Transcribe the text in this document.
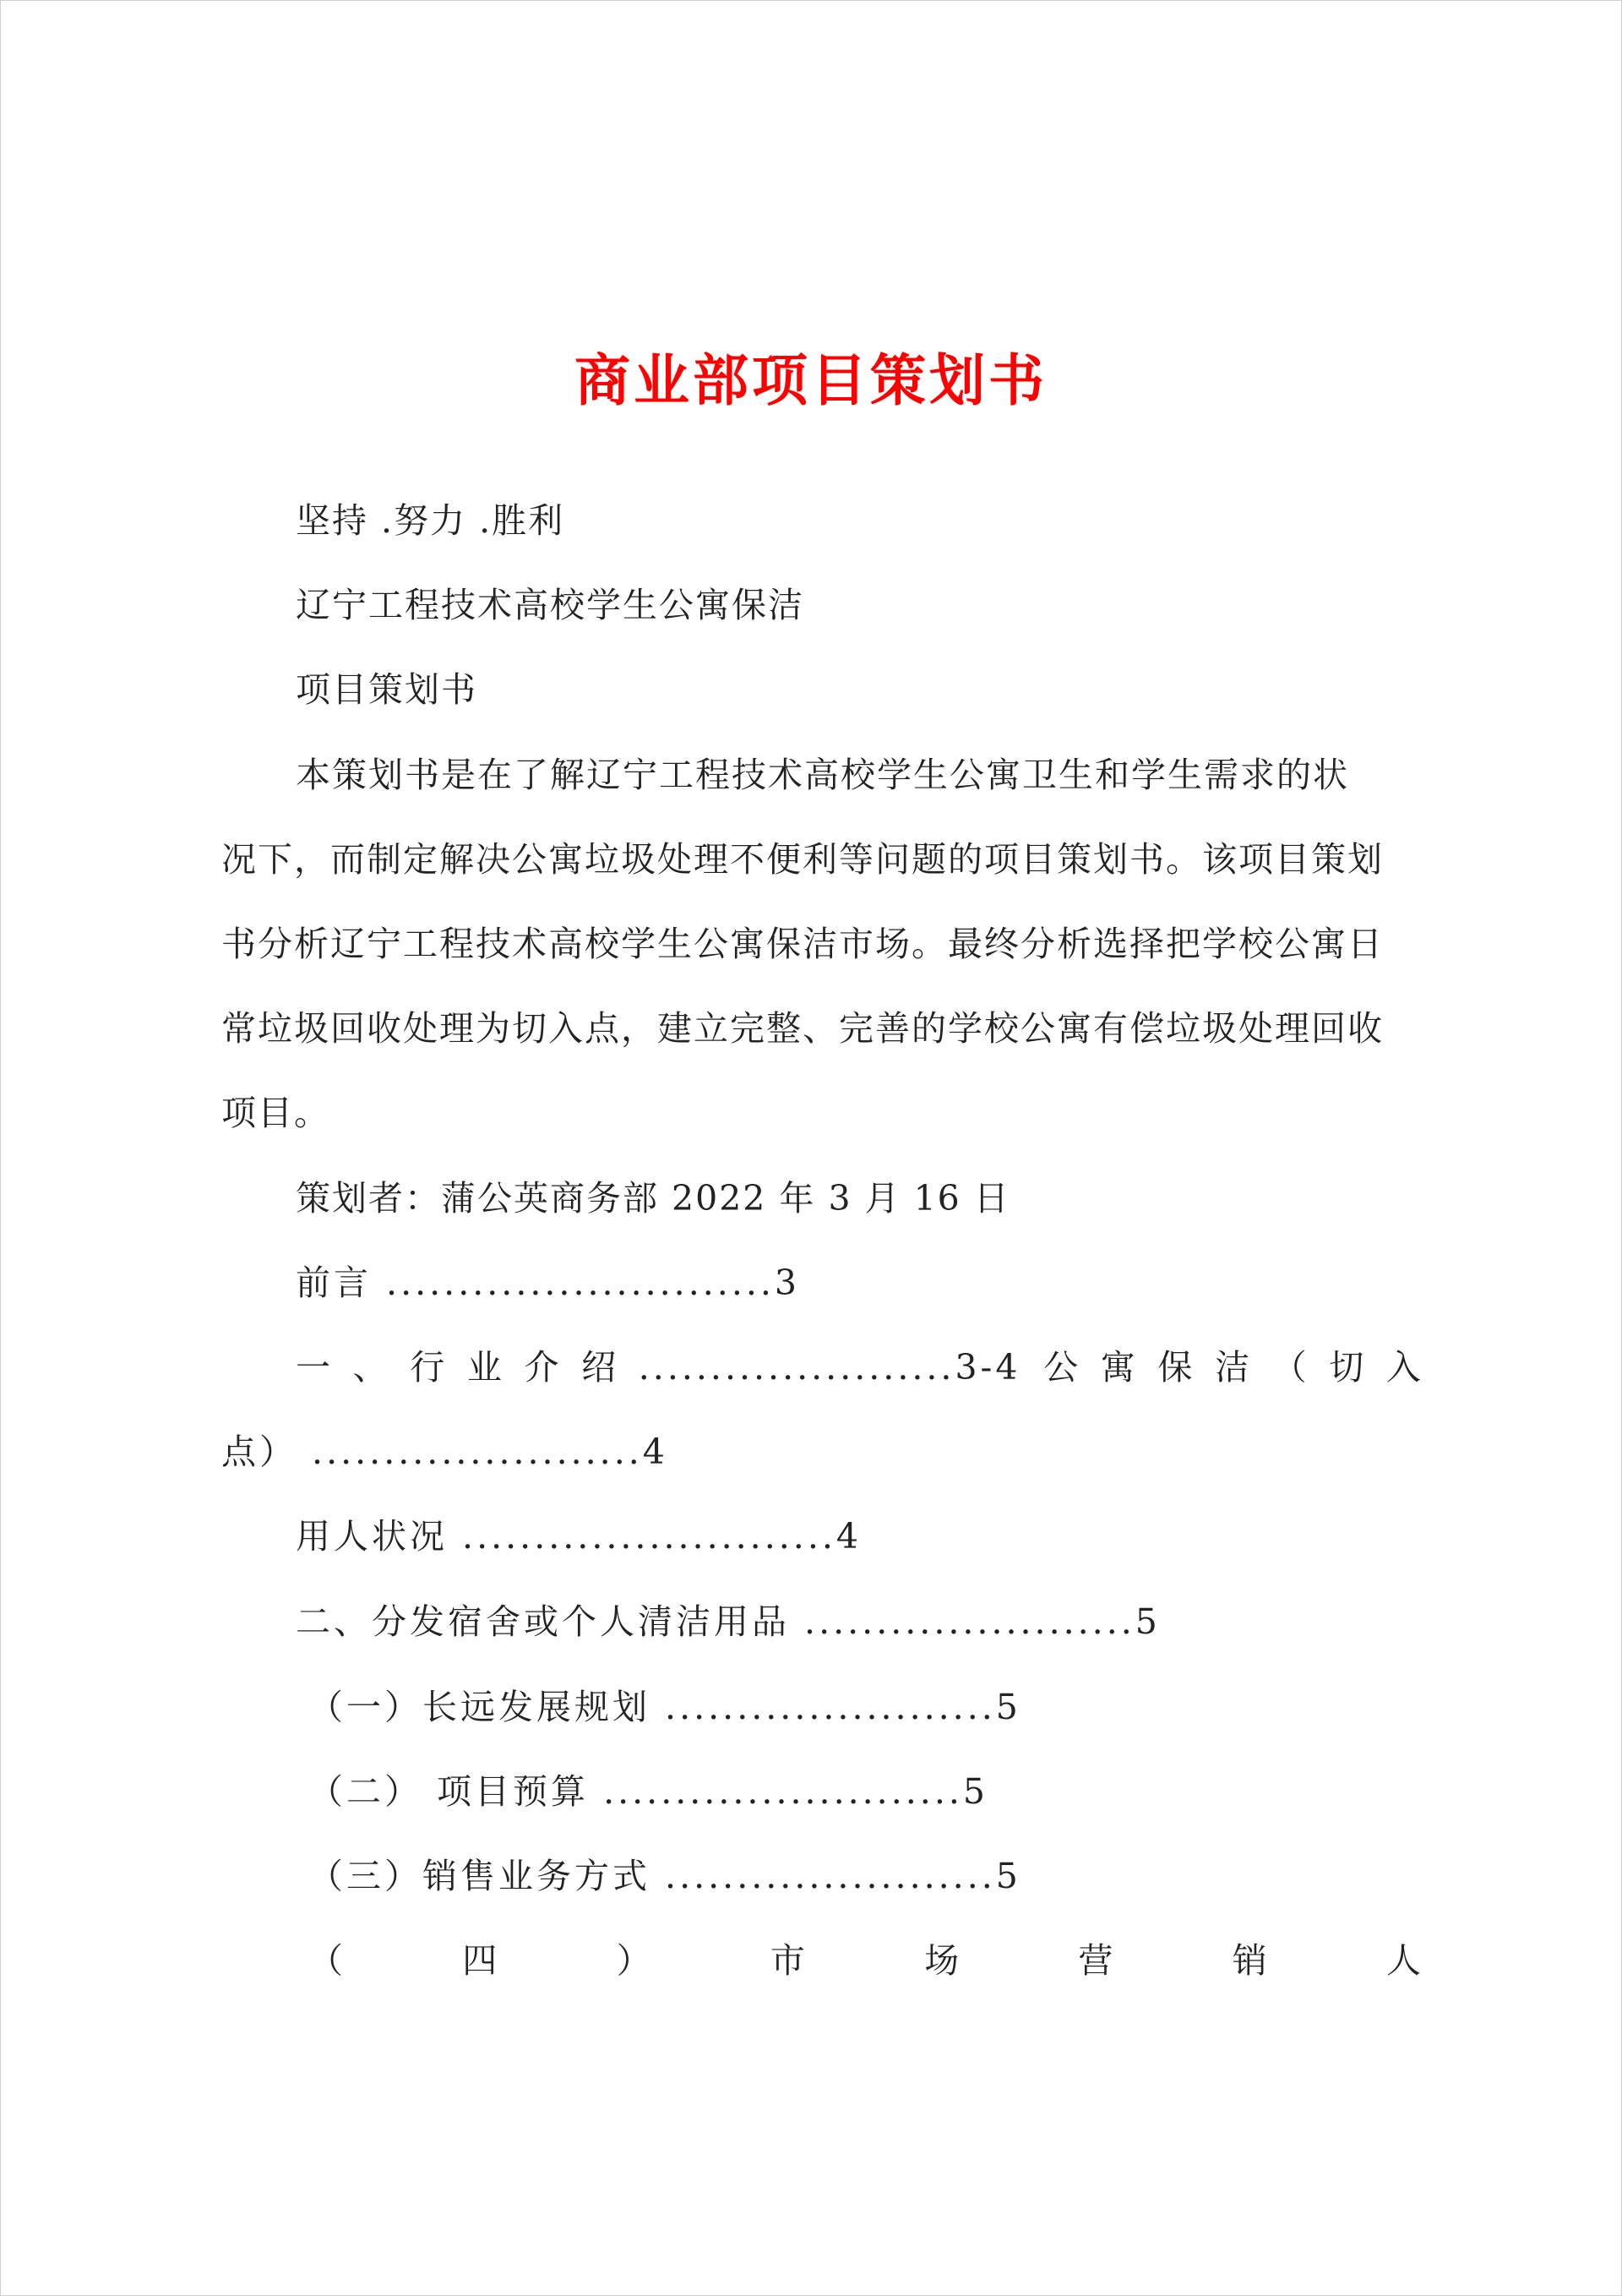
商业部项目策划书
坚持 .努力 .胜利
辽宁工程技术高校学生公寓保洁
项目策划书
本策划书是在了解辽宁工程技术高校学生公寓卫生和学生需求的状
况下，而制定解决公寓垃圾处理不便利等问题的项目策划书。该项目策划
书分析辽宁工程技术高校学生公寓保洁市场。最终分析选择把学校公寓日
常垃圾回收处理为切入点，建立完整、完善的学校公寓有偿垃圾处理回收
项目。
策划者：蒲公英商务部 2022 年 3 月 16 日
前言 ...........................3
一 、 行 业 介 绍 ......................3-4 公 寓 保 洁 （ 切 入
点） .......................4
用人状况 ..........................4
二、分发宿舍或个人清洁用品 .......................5
（一）长远发展规划 .......................5
（二） 项目预算 .........................5
（三）销售业务方式 .......................5
（	四	）	市	场	营	销	人
